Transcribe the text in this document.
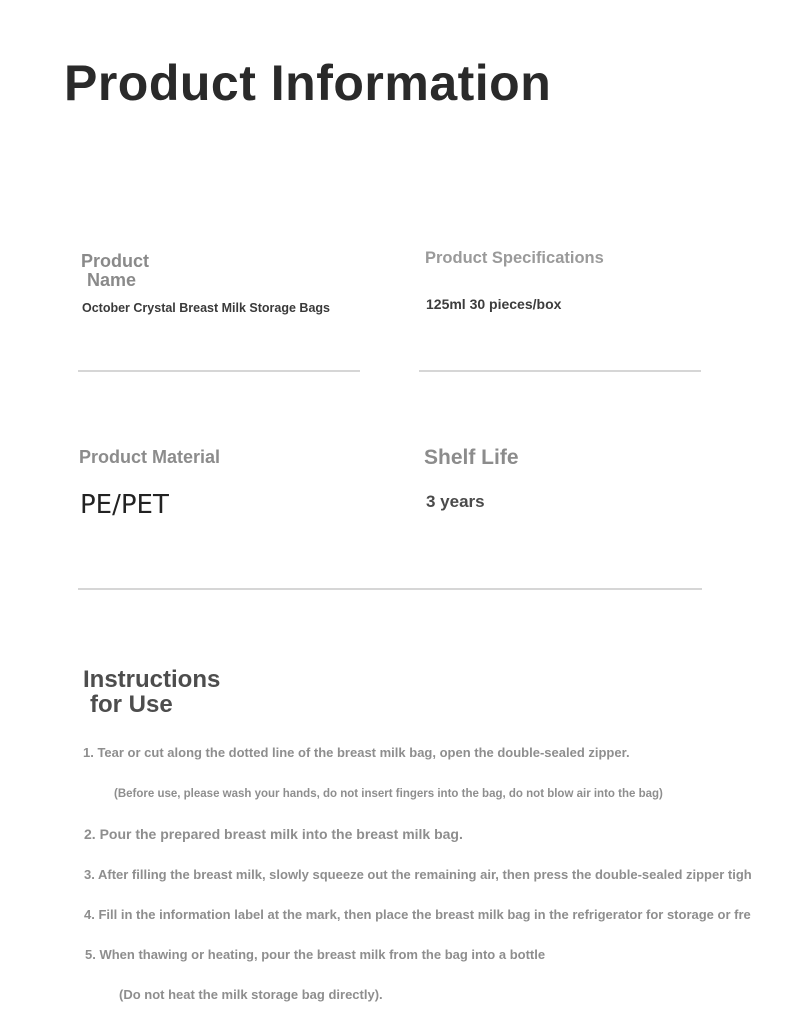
Product Information
Product
Name
October Crystal Breast Milk Storage Bags
Product Specifications
125ml 30 pieces/box
Product Material
PE/PET
Shelf Life
3 years
Instructions
for Use
1. Tear or cut along the dotted line of the breast milk bag, open the double-sealed zipper.
(Before use, please wash your hands, do not insert fingers into the bag, do not blow air into the bag)
2. Pour the prepared breast milk into the breast milk bag.
3. After filling the breast milk, slowly squeeze out the remaining air, then press the double-sealed zipper tigh
4. Fill in the information label at the mark, then place the breast milk bag in the refrigerator for storage or fre
5. When thawing or heating, pour the breast milk from the bag into a bottle
(Do not heat the milk storage bag directly).
